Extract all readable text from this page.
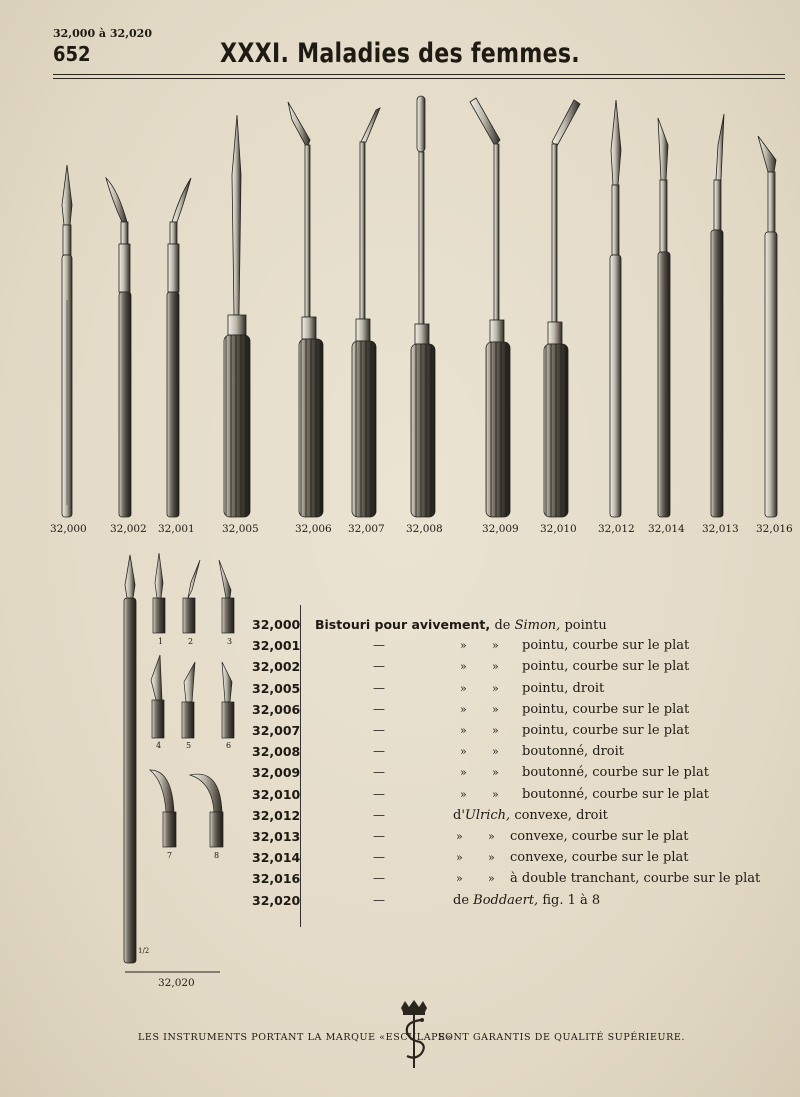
32,000 à 32,020
652	XXXI. Maladies des femmes.
32,000 32,002 32,001	32,005	32,006 32,007 32,008	32,009 32,010 32,012 32,014 32,013 32,016
1	2	3
4	5	6
7	8
1/2
32,020
32,000 Bistouri pour avivement, de Simon, pointu
32,001	—	» » pointu, courbe sur le plat
32,002	—	» » pointu, courbe sur le plat
32,005	—	» » pointu, droit
32,006	—	» » pointu, courbe sur le plat
32,007	—	» » pointu, courbe sur le plat
32,008	—	» » boutonné, droit
32,009	—	» » boutonné, courbe sur le plat
32,010	—	» » boutonné, courbe sur le plat
32,012	—	d'Ulrich, convexe, droit
32,013	—	» » convexe, courbe sur le plat
32,014	—	» » convexe, courbe sur le plat
32,016	—	» » à double tranchant, courbe sur le plat
32,020	—	de Boddaert, fig. 1 à 8
LES INSTRUMENTS PORTANT LA MARQUE «ESCULAPE»
SONT GARANTIS DE QUALITÉ SUPÉRIEURE.
